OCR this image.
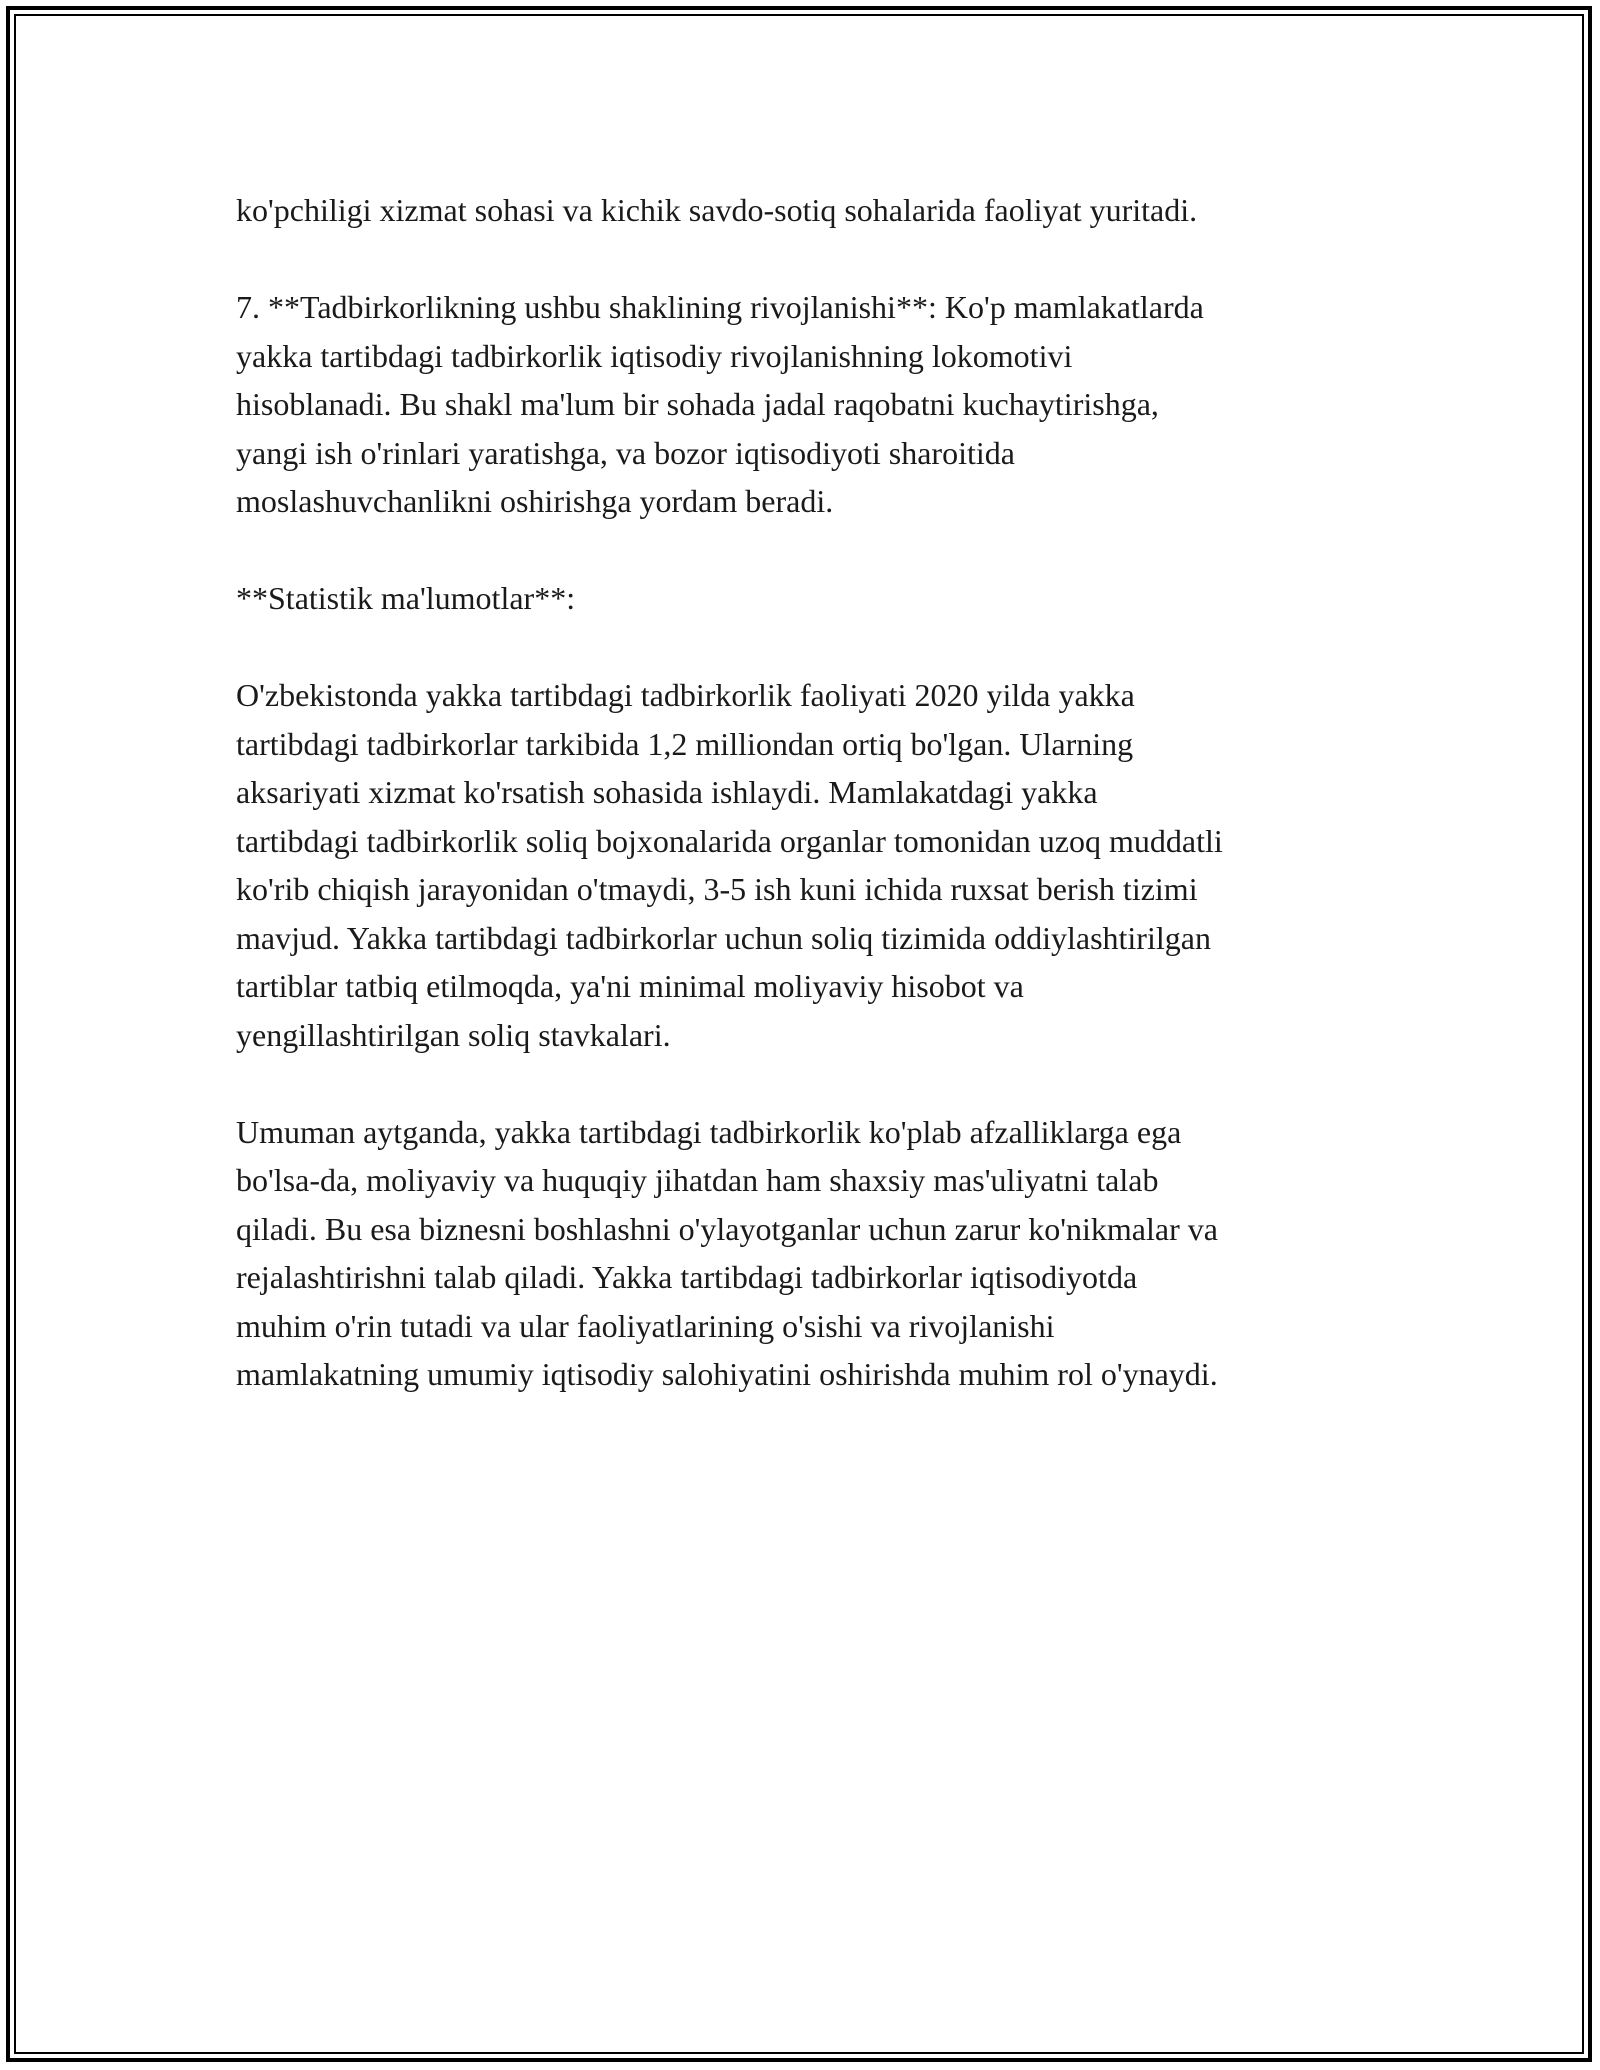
ko'pchiligi xizmat sohasi va kichik savdo-sotiq sohalarida faoliyat yuritadi.

7. **Tadbirkorlikning ushbu shaklining rivojlanishi**: Ko'p mamlakatlarda
yakka tartibdagi tadbirkorlik iqtisodiy rivojlanishning lokomotivi
hisoblanadi. Bu shakl ma'lum bir sohada jadal raqobatni kuchaytirishga,
yangi ish o'rinlari yaratishga, va bozor iqtisodiyoti sharoitida
moslashuvchanlikni oshirishga yordam beradi.

**Statistik ma'lumotlar**:

O'zbekistonda yakka tartibdagi tadbirkorlik faoliyati 2020 yilda yakka
tartibdagi tadbirkorlar tarkibida 1,2 milliondan ortiq bo'lgan. Ularning
aksariyati xizmat ko'rsatish sohasida ishlaydi. Mamlakatdagi yakka
tartibdagi tadbirkorlik soliq bojxonalarida organlar tomonidan uzoq muddatli
ko'rib chiqish jarayonidan o'tmaydi, 3-5 ish kuni ichida ruxsat berish tizimi
mavjud. Yakka tartibdagi tadbirkorlar uchun soliq tizimida oddiylashtirilgan
tartiblar tatbiq etilmoqda, ya'ni minimal moliyaviy hisobot va
yengillashtirilgan soliq stavkalari.

Umuman aytganda, yakka tartibdagi tadbirkorlik ko'plab afzalliklarga ega
bo'lsa-da, moliyaviy va huquqiy jihatdan ham shaxsiy mas'uliyatni talab
qiladi. Bu esa biznesni boshlashni o'ylayotganlar uchun zarur ko'nikmalar va
rejalashtirishni talab qiladi. Yakka tartibdagi tadbirkorlar iqtisodiyotda
muhim o'rin tutadi va ular faoliyatlarining o'sishi va rivojlanishi
mamlakatning umumiy iqtisodiy salohiyatini oshirishda muhim rol o'ynaydi.
